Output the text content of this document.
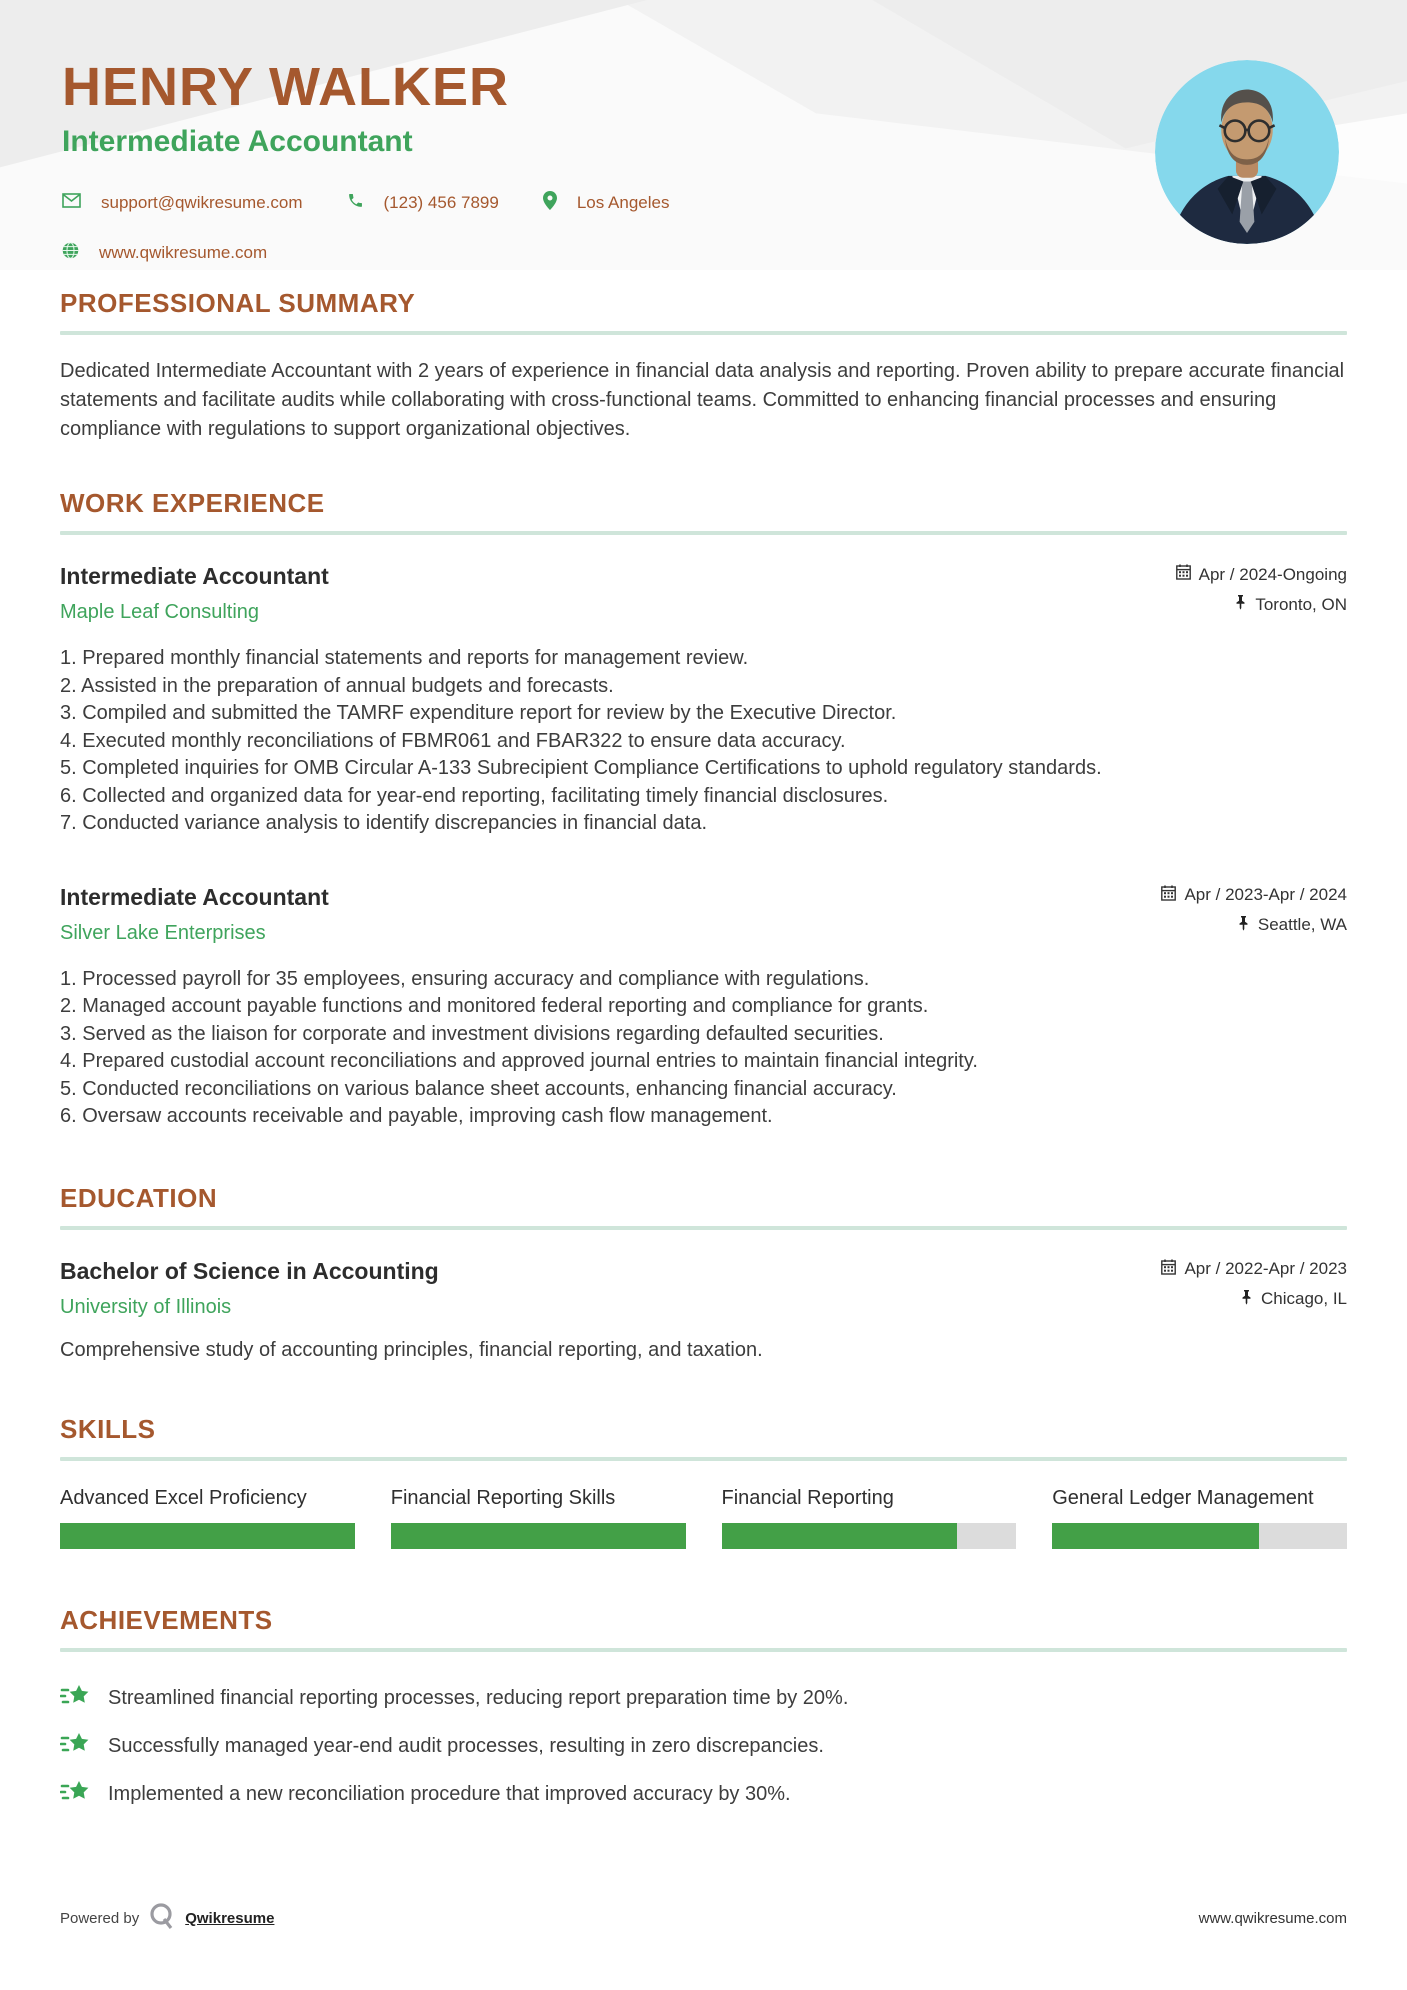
HENRY WALKER
Intermediate Accountant
support@qwikresume.com	(123) 456 7899	Los Angeles
www.qwikresume.com
PROFESSIONAL SUMMARY

Dedicated Intermediate Accountant with 2 years of experience in financial data analysis and reporting. Proven ability to prepare accurate financial statements and facilitate audits while collaborating with cross-functional teams. Committed to enhancing financial processes and ensuring compliance with regulations to support organizational objectives.

WORK EXPERIENCE
Intermediate Accountant
Maple Leaf Consulting
Apr / 2024-Ongoing
Toronto, ON
1. Prepared monthly financial statements and reports for management review.
2. Assisted in the preparation of annual budgets and forecasts.
3. Compiled and submitted the TAMRF expenditure report for review by the Executive Director.
4. Executed monthly reconciliations of FBMR061 and FBAR322 to ensure data accuracy.
5. Completed inquiries for OMB Circular A-133 Subrecipient Compliance Certifications to uphold regulatory standards.
6. Collected and organized data for year-end reporting, facilitating timely financial disclosures.
7. Conducted variance analysis to identify discrepancies in financial data.
Intermediate Accountant
Silver Lake Enterprises
Apr / 2023-Apr / 2024
Seattle, WA
1. Processed payroll for 35 employees, ensuring accuracy and compliance with regulations.
2. Managed account payable functions and monitored federal reporting and compliance for grants.
3. Served as the liaison for corporate and investment divisions regarding defaulted securities.
4. Prepared custodial account reconciliations and approved journal entries to maintain financial integrity.
5. Conducted reconciliations on various balance sheet accounts, enhancing financial accuracy.
6. Oversaw accounts receivable and payable, improving cash flow management.
EDUCATION
Bachelor of Science in Accounting
University of Illinois
Apr / 2022-Apr / 2023
Chicago, IL

Comprehensive study of accounting principles, financial reporting, and taxation.

SKILLS
Advanced Excel Proficiency	Financial Reporting Skills	Financial Reporting	General Ledger Management
ACHIEVEMENTS
Streamlined financial reporting processes, reducing report preparation time by 20%.
Successfully managed year-end audit processes, resulting in zero discrepancies.
Implemented a new reconciliation procedure that improved accuracy by 30%.
Powered by	Qwikresume	www.qwikresume.com
